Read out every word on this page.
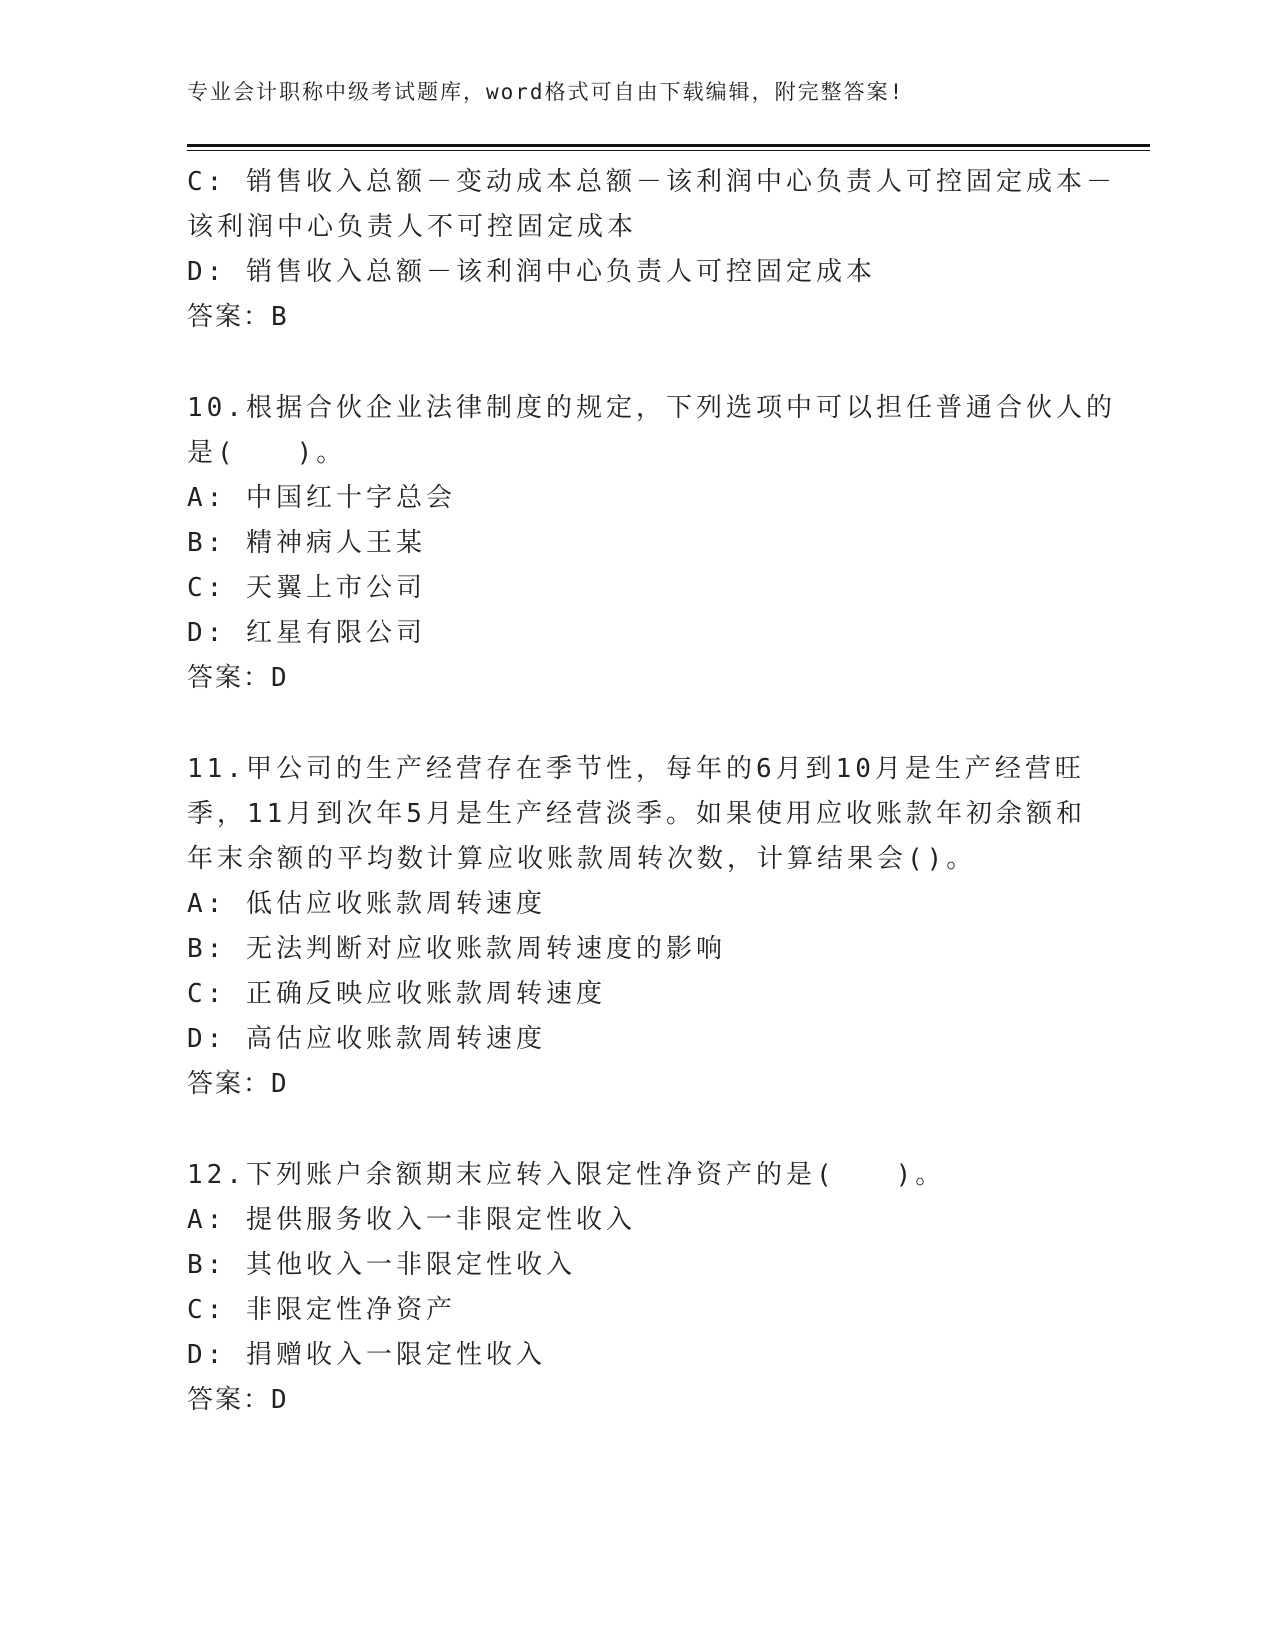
专业会计职称中级考试题库，word格式可自由下载编辑，附完整答案!
C: 销售收入总额－变动成本总额－该利润中心负责人可控固定成本－
该利润中心负责人不可控固定成本
D: 销售收入总额－该利润中心负责人可控固定成本
答案：B
10.根据合伙企业法律制度的规定，下列选项中可以担任普通合伙人的
是(　　)。
A: 中国红十字总会
B: 精神病人王某
C: 天翼上市公司
D: 红星有限公司
答案：D
11.甲公司的生产经营存在季节性，每年的6月到10月是生产经营旺
季，11月到次年5月是生产经营淡季。如果使用应收账款年初余额和
年末余额的平均数计算应收账款周转次数，计算结果会()。
A: 低估应收账款周转速度
B: 无法判断对应收账款周转速度的影响
C: 正确反映应收账款周转速度
D: 高估应收账款周转速度
答案：D
12.下列账户余额期末应转入限定性净资产的是(　　)。
A: 提供服务收入一非限定性收入
B: 其他收入一非限定性收入
C: 非限定性净资产
D: 捐赠收入一限定性收入
答案：D
